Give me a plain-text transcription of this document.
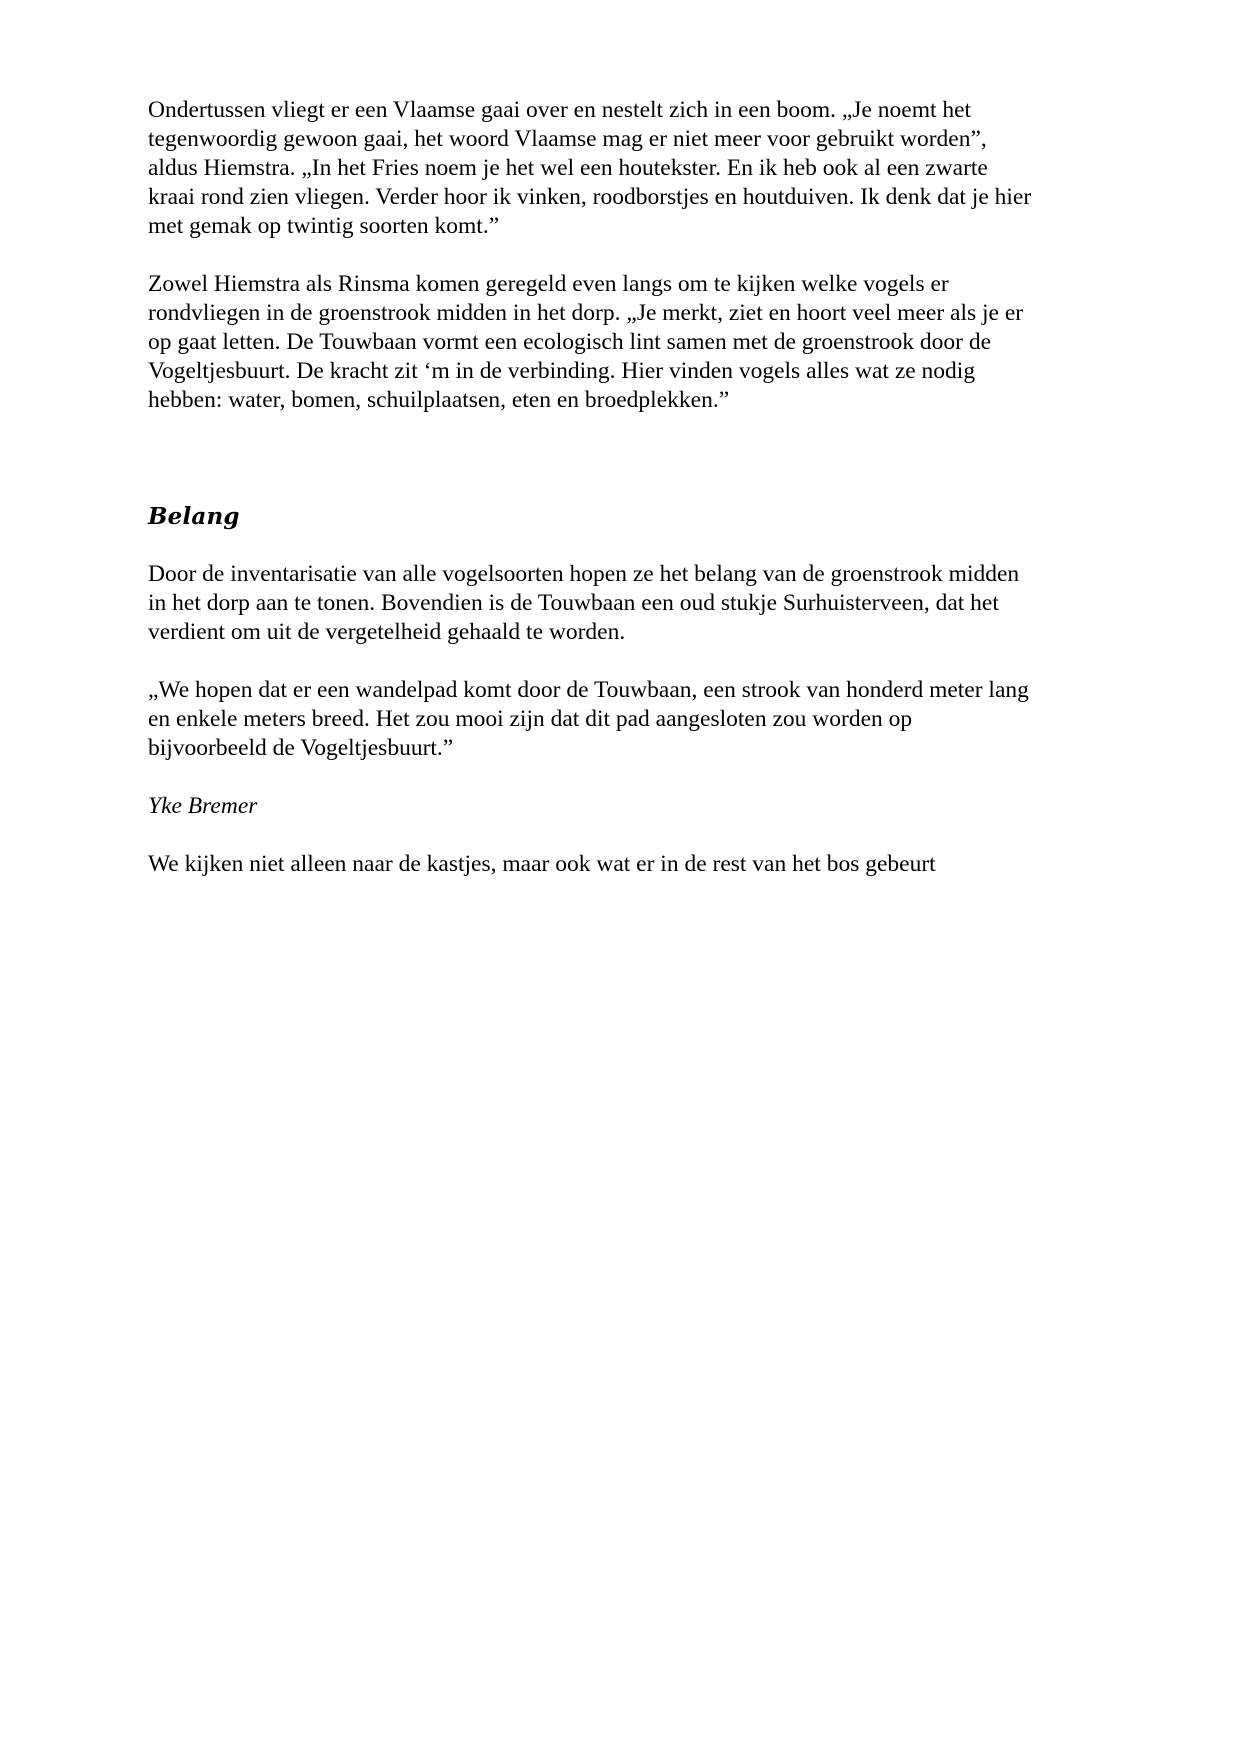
Ondertussen vliegt er een Vlaamse gaai over en nestelt zich in een boom. „Je noemt het
tegenwoordig gewoon gaai, het woord Vlaamse mag er niet meer voor gebruikt worden”,
aldus Hiemstra. „In het Fries noem je het wel een houtekster. En ik heb ook al een zwarte
kraai rond zien vliegen. Verder hoor ik vinken, roodborstjes en houtduiven. Ik denk dat je hier
met gemak op twintig soorten komt.”

Zowel Hiemstra als Rinsma komen geregeld even langs om te kijken welke vogels er
rondvliegen in de groenstrook midden in het dorp. „Je merkt, ziet en hoort veel meer als je er
op gaat letten. De Touwbaan vormt een ecologisch lint samen met de groenstrook door de
Vogeltjesbuurt. De kracht zit ‘m in de verbinding. Hier vinden vogels alles wat ze nodig
hebben: water, bomen, schuilplaatsen, eten en broedplekken.”

Belang

Door de inventarisatie van alle vogelsoorten hopen ze het belang van de groenstrook midden
in het dorp aan te tonen. Bovendien is de Touwbaan een oud stukje Surhuisterveen, dat het
verdient om uit de vergetelheid gehaald te worden.

„We hopen dat er een wandelpad komt door de Touwbaan, een strook van honderd meter lang
en enkele meters breed. Het zou mooi zijn dat dit pad aangesloten zou worden op
bijvoorbeeld de Vogeltjesbuurt.”

Yke Bremer

We kijken niet alleen naar de kastjes, maar ook wat er in de rest van het bos gebeurt
